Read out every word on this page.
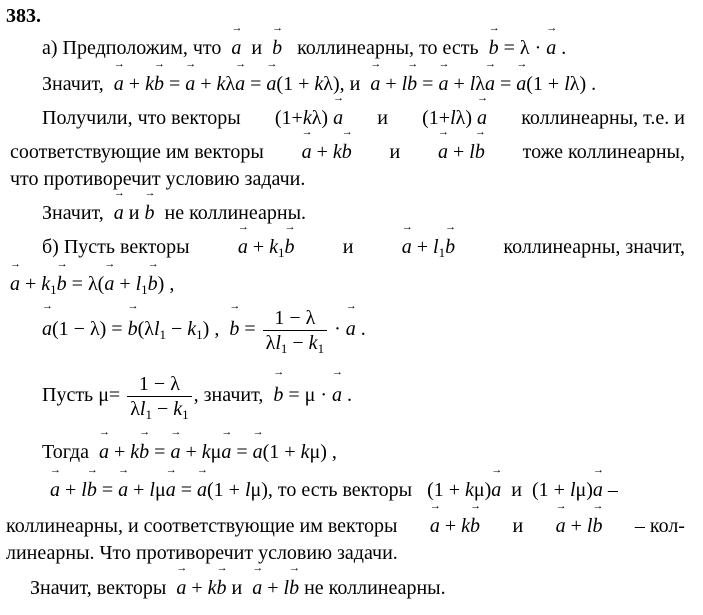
383.
а) Предположим, что  → a и  → b коллинеарны, то есть  → b = λ · → a .
Значит,  → a + k→ b = → a + kλ→ a = → a(1 + kλ), и  → a + l→ b = → a + lλ→ a = → a(1 + lλ) .
Получили, что векторы (1+kλ) → a и (1+lλ) → a коллинеарны, т.е. и
соответствующие им векторы
→ a + k→ b и
→ a + l→ b тоже коллинеарны,
что противоречит условию задачи.
Значит,  → a и → b не коллинеарны.
б) Пусть векторы
→ $a + k_1\to b$ и
→ $a + l_1\to b$ коллинеарны, значит,
→ $a + k_1\to b = \lambda(\to a + l_1\to b)$ ,
→ a(1 − λ) = → $b(\lambda l_1 - k_1)$ ,  → $b = \frac{1 - \lambda}{\lambda l_1 - k_1}$ · → a .
Пусть $\mu= \frac{1 - \lambda}{\lambda l_1 - k_1}$ , значит,  → b = μ · → a .
Тогда  → a + k→ b = → a + kμ→ a = → a(1 + kμ) ,
→ a + l→ b = → a + lμ→ a = → a(1 + lμ), то есть векторы   (1 + kμ)→ a и  (1 + lμ)→ a –
коллинеарны, и соответствующие им векторы
→ a + k→ b и
→ a + l→ b – кол-
линеарны. Что противоречит условию задачи.
Значит, векторы  → a + k→ b и  → a + l→ b не коллинеарны.
